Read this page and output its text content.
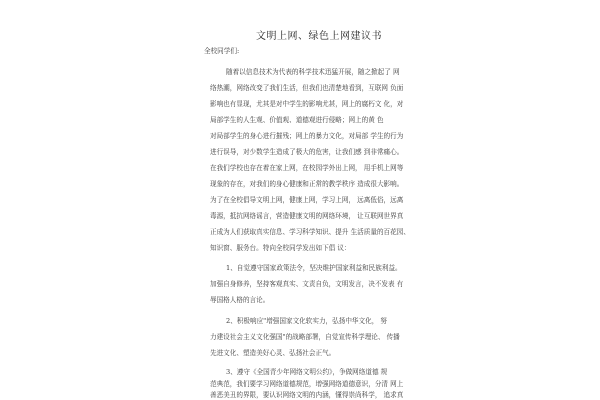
文明上网、绿色上网建议书
全校同学们:
随着以信息技术为代表的科学技术迅猛开展，随之掀起了 网
络热潮，网络改变了我们生活，但我们也清楚地看到，互联网 负面
影响也有显现，尤其是对中学生的影响尤甚，网上的腐朽文 化，对
局部学生的人生观、价值观、道德观进行侵略；网上的黄 色
对局部学生的身心进行摧残；网上的暴力文化，对局部 学生的行为
进行误导，对少数学生造成了极大的危害，让我们感 到非常痛心。
在我们学校也存在着在家上网，在校园学外出上网， 用手机上网等
现象的存在，对我们的身心健康和正常的教学秩序 造成很大影响。
为了在全校倡导文明上网，健康上网，学习上网， 远离低俗，远离
毒源，抵抗网络谣言，营造健康文明的网络环境， 让互联网世界真
正成为人们获取真实信息、学习科学知识、提升 生活质量的百花园、
知识窗、服务台。特向全校同学发出如下倡 议：
1、自觉遵守国家政策法令，坚决维护国家利益和民族利益。
加强自身修养，坚持客观真实、文责自负，文明发言，决不发表 有
辱国格人格的言论。
2、积极响应"增强国家文化软实力，弘扬中华文化， 努
力建设社会主义文化强国"的战略部署，自觉宣传科学理论、 传播
先进文化、塑造美好心灵、弘扬社会正气。
3、遵守《全国青少年网络文明公约》，争做网络道德 规
范典范，我们要学习网络道德规范，增强网络道德意识，分清 网上
善恶美丑的界限，要认识网络文明的内涵，懂得崇尚科学， 追求真
